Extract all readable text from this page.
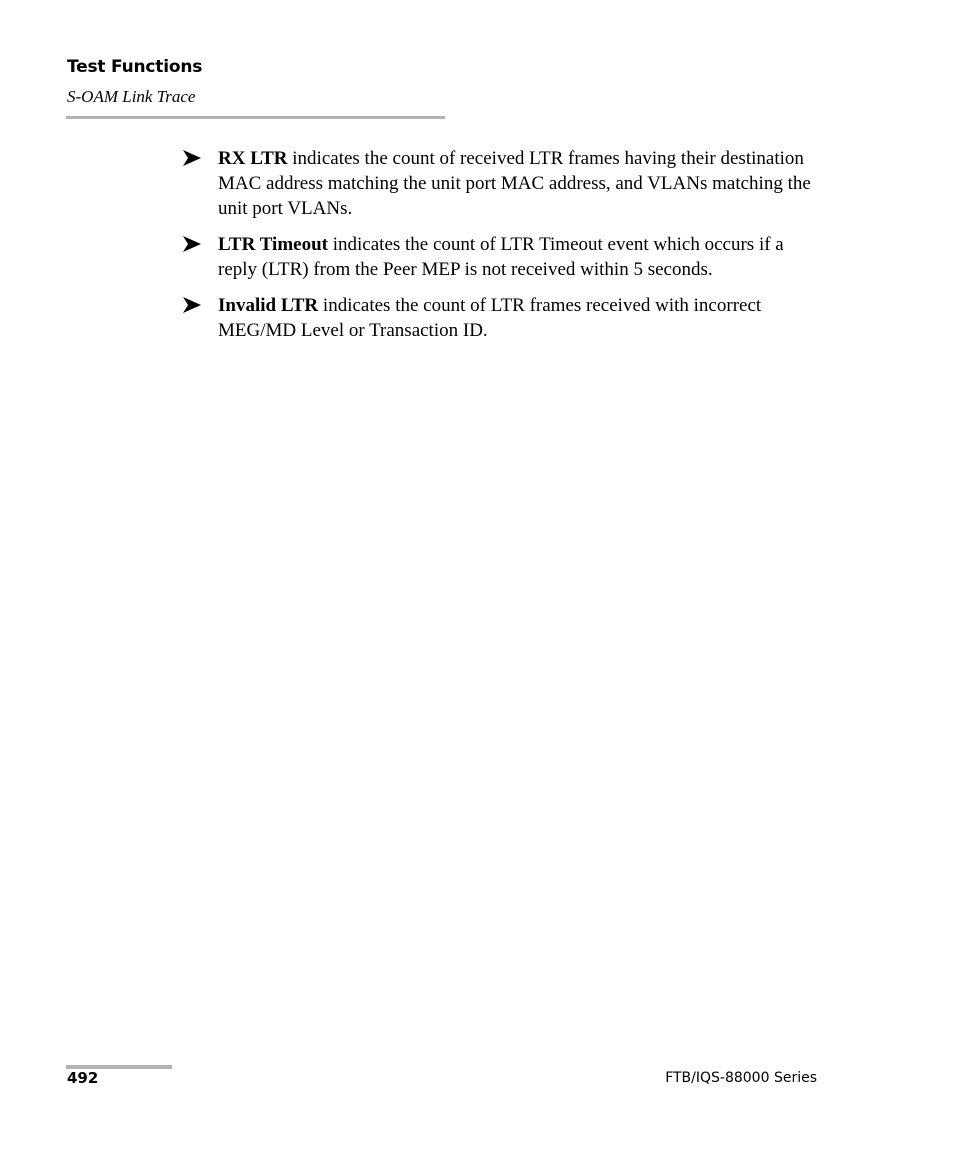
Test Functions
S-OAM Link Trace
RX LTR indicates the count of received LTR frames having their destination MAC address matching the unit port MAC address, and VLANs matching the unit port VLANs.
LTR Timeout indicates the count of LTR Timeout event which occurs if a reply (LTR) from the Peer MEP is not received within 5 seconds.
Invalid LTR indicates the count of LTR frames received with incorrect MEG/MD Level or Transaction ID.
492	FTB/IQS-88000 Series
